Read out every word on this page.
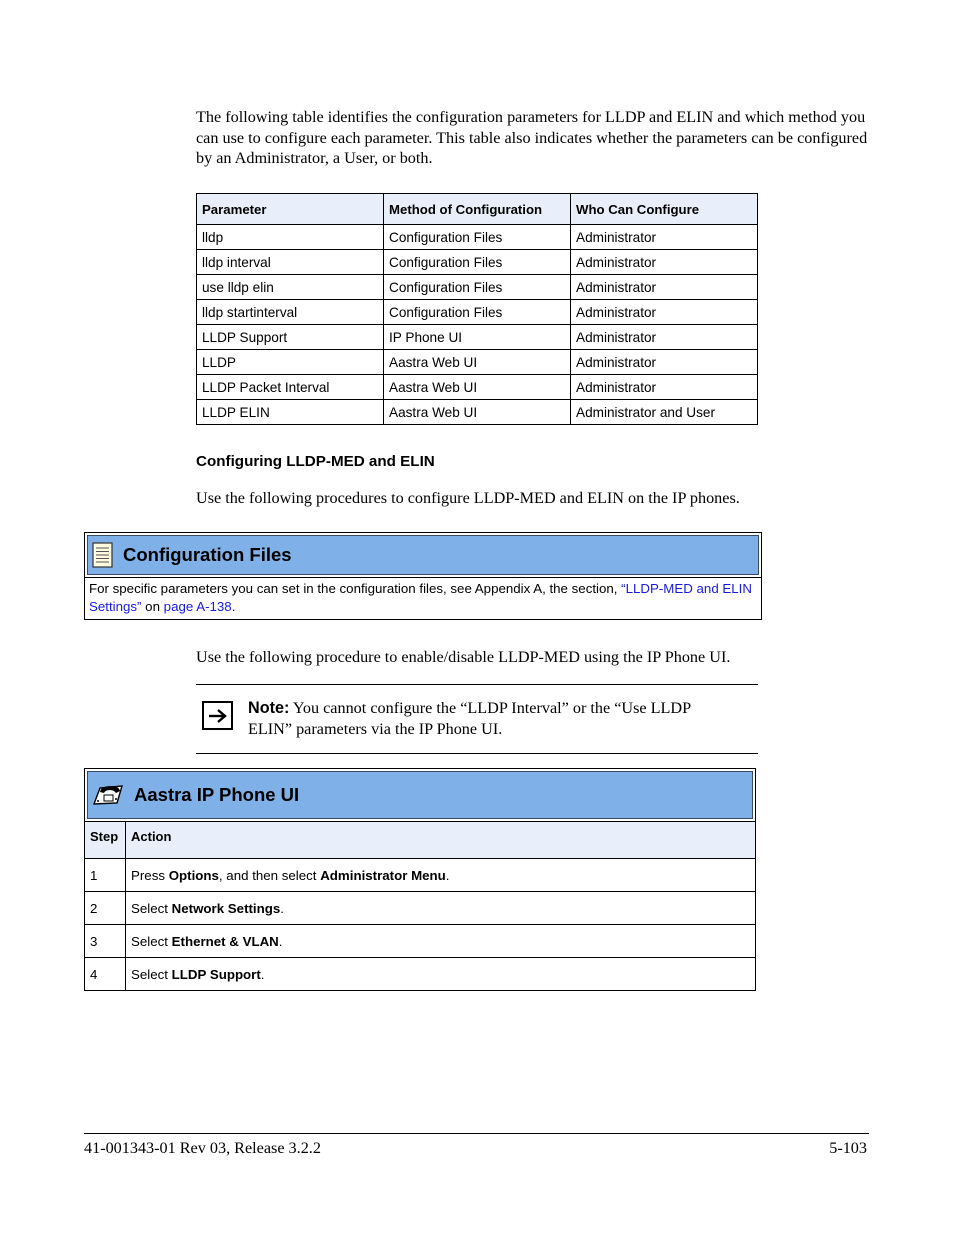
The following table identifies the configuration parameters for LLDP and ELIN and which method you can use to configure each parameter. This table also indicates whether the parameters can be configured by an Administrator, a User, or both.

Parameter	Method of Configuration	Who Can Configure
lldp	Configuration Files	Administrator
lldp interval	Configuration Files	Administrator
use lldp elin	Configuration Files	Administrator
lldp startinterval	Configuration Files	Administrator
LLDP Support	IP Phone UI	Administrator
LLDP	Aastra Web UI	Administrator
LLDP Packet Interval	Aastra Web UI	Administrator
LLDP ELIN	Aastra Web UI	Administrator and User

Configuring LLDP-MED and ELIN

Use the following procedures to configure LLDP-MED and ELIN on the IP phones.

Configuration Files
For specific parameters you can set in the configuration files, see Appendix A, the section, “LLDP-MED and ELIN Settings” on page A-138.

Use the following procedure to enable/disable LLDP-MED using the IP Phone UI.

Note: You cannot configure the “LLDP Interval” or the “Use LLDP ELIN” parameters via the IP Phone UI.

Aastra IP Phone UI
Step	Action
1	Press Options, and then select Administrator Menu.
2	Select Network Settings.
3	Select Ethernet & VLAN.
4	Select LLDP Support.

41-001343-01 Rev 03, Release 3.2.2	5-103
